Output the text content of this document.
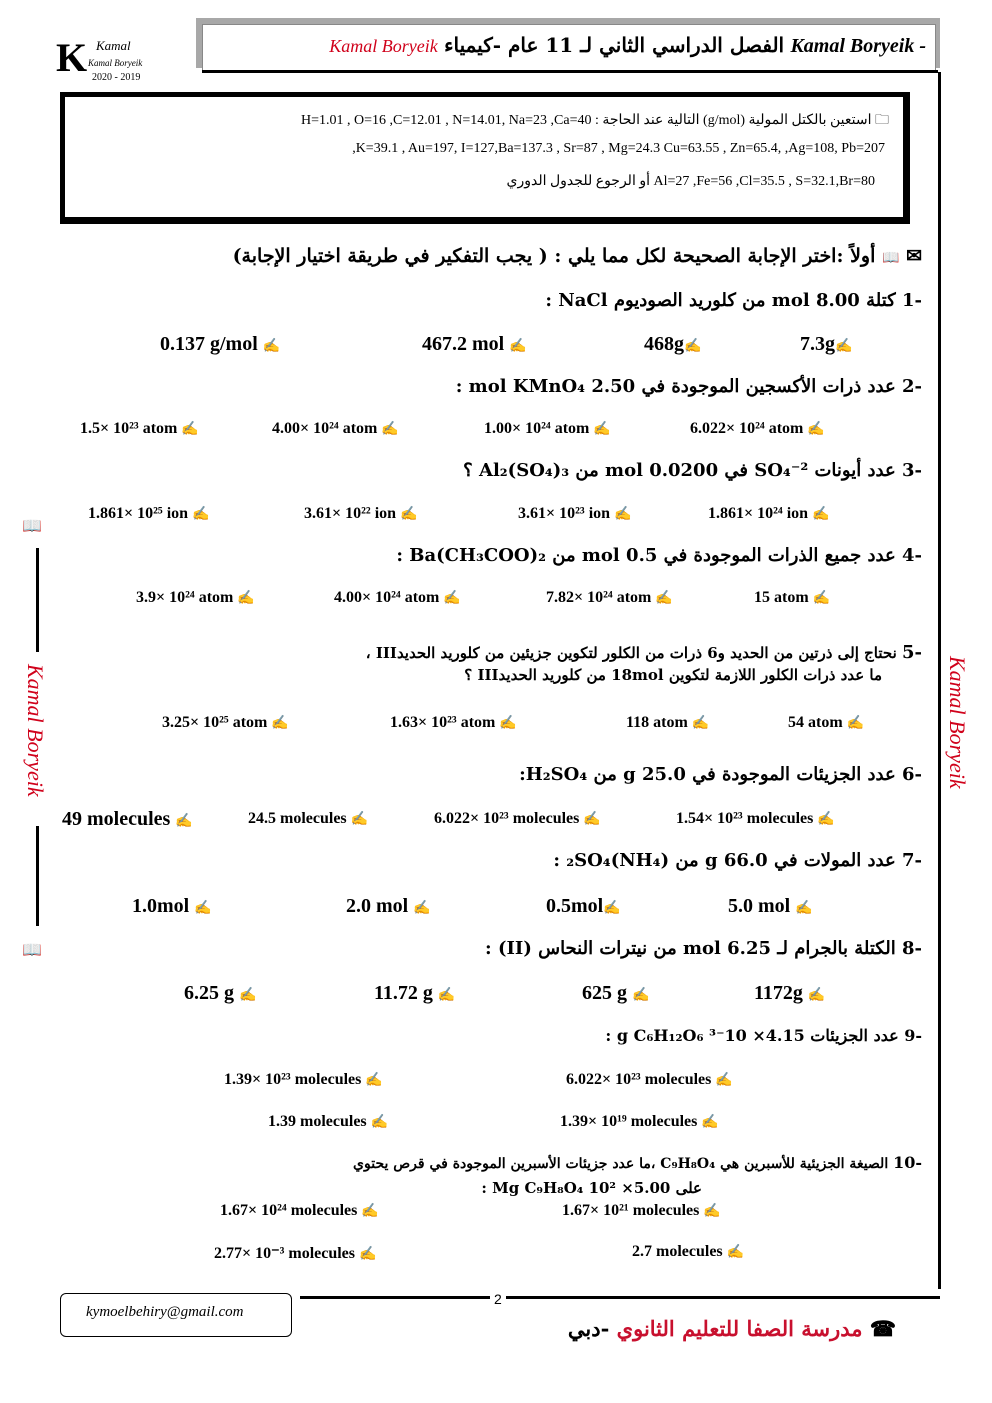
K Kamal
Kamal Boryeik
2020 - 2019
Kamal Boryeik الفصل الدراسي الثاني لـ 11 عام -كيمياء Kamal Boryeik -
🗀 استعين بالكتل المولية (g/mol) التالية عند الحاجة : H=1.01 , O=16 ,C=12.01 , N=14.01, Na=23 ,Ca=40
,K=39.1 , Au=197, I=127,Ba=137.3 , Sr=87 , Mg=24.3 Cu=63.55 , Zn=65.4, ,Ag=108, Pb=207
Al=27 ,Fe=56 ,Cl=35.5 , S=32.1,Br=80 أو الرجوع للجدول الدوري
✉ 📖 أولاً :اختر الإجابة الصحيحة لكل مما يلي : ( يجب التفكير في طريقة اختيار الإجابة)
-1 كتلة 8.00 mol من كلوريد الصوديوم NaCl :
7.3g✍
468g✍
467.2 mol ✍
0.137 g/mol ✍
-2 عدد ذرات الأكسجين الموجودة في 2.50 mol KMnO₄ :
6.022× 10²⁴ atom ✍
1.00× 10²⁴ atom ✍
4.00× 10²⁴ atom ✍
1.5× 10²³ atom ✍
-3 عدد أيونات SO₄⁻² في 0.0200 mol من Al₂(SO₄)₃ ؟
1.861× 10²⁴ ion ✍
3.61× 10²³ ion ✍
3.61× 10²² ion ✍
1.861× 10²⁵ ion ✍
-4 عدد جميع الذرات الموجودة في 0.5 mol من Ba(CH₃COO)₂ :
15 atom ✍
7.82× 10²⁴ atom ✍
4.00× 10²⁴ atom ✍
3.9× 10²⁴ atom ✍
-5 نحتاج إلى ذرتين من الحديد و6 ذرات من الكلور لتكوين جزيئين من كلوريد الحديدIII ،
ما عدد ذرات الكلور اللازمة لتكوين 18mol من كلوريد الحديدIII ؟
54 atom ✍
118 atom ✍
1.63× 10²³ atom ✍
3.25× 10²⁵ atom ✍
-6 عدد الجزيئات الموجودة في 25.0 g من H₂SO₄:
1.54× 10²³ molecules ✍
6.022× 10²³ molecules ✍
24.5 molecules ✍
49 molecules ✍
-7 عدد المولات في 66.0 g من (NH₄)₂SO₄ :
5.0 mol ✍
0.5mol✍
2.0 mol ✍
1.0mol ✍
-8 الكتلة بالجرام لـ 6.25 mol من نيترات النحاس (II) :
1172g ✍
625 g ✍
11.72 g ✍
6.25 g ✍
-9 عدد الجزيئات 4.15× 10⁻³ g C₆H₁₂O₆ :
6.022× 10²³ molecules ✍
1.39× 10²³ molecules ✍
1.39× 10¹⁹ molecules ✍
1.39 molecules ✍
-10 الصيغة الجزيئية للأسبرين هي C₉H₈O₄ ،ما عدد جزيئات الأسبرين الموجودة في قرص يحتوي
على 5.00× 10² Mg C₉H₈O₄ :
1.67× 10²¹ molecules ✍
1.67× 10²⁴ molecules ✍
2.7 molecules ✍
2.77× 10⁻³ molecules ✍
📖
Kamal Boryeik
📖
Kamal Boryeik
2
kymoelbehiry@gmail.com
☎ مدرسة الصفا للتعليم الثانوي -دبي
